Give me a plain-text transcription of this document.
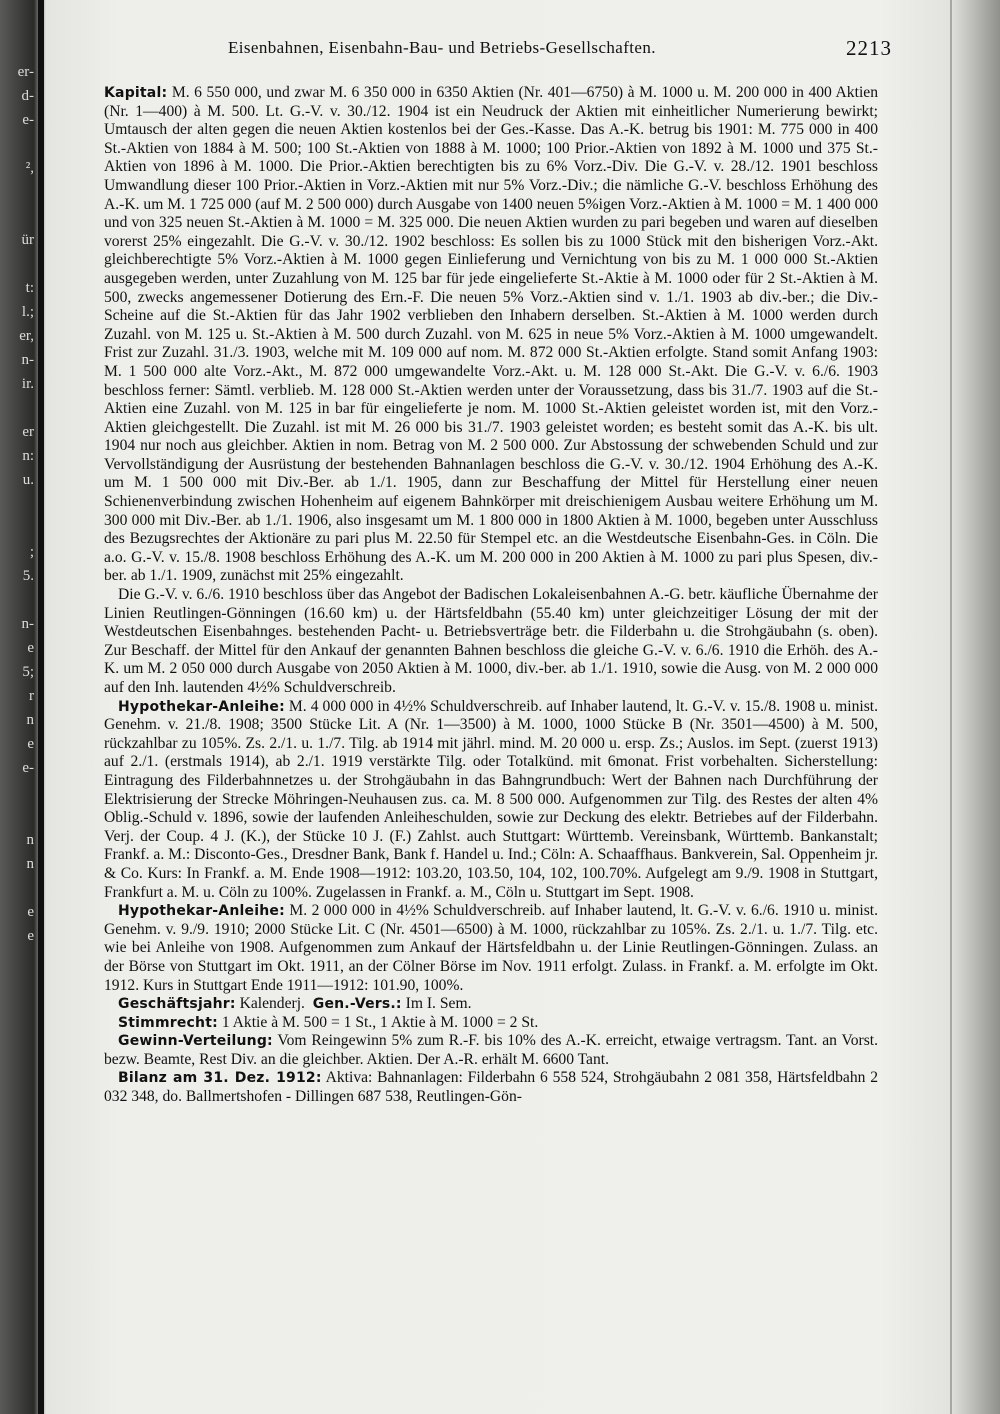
er-
d-
e-
²,
ür
t:
l.;
er,
n-
ir.
er
n:
u.
;
5.
n-
e
5;
r
n
e
e-
n
n
e
e
Eisenbahnen, Eisenbahn-Bau- und Betriebs-Gesellschaften.	2213

Kapital: M. 6 550 000, und zwar M. 6 350 000 in 6350 Aktien (Nr. 401—6750) à M. 1000 u. M. 200 000 in 400 Aktien (Nr. 1—400) à M. 500. Lt. G.-V. v. 30./12. 1904 ist ein Neudruck der Aktien mit einheitlicher Numerierung bewirkt; Umtausch der alten gegen die neuen Aktien kostenlos bei der Ges.-Kasse. Das A.-K. betrug bis 1901: M. 775 000 in 400 St.-Aktien von 1884 à M. 500; 100 St.-Aktien von 1888 à M. 1000; 100 Prior.-Aktien von 1892 à M. 1000 und 375 St.-Aktien von 1896 à M. 1000. Die Prior.-Aktien berechtigten bis zu 6% Vorz.-Div. Die G.-V. v. 28./12. 1901 beschloss Umwandlung dieser 100 Prior.-Aktien in Vorz.-Aktien mit nur 5% Vorz.-Div.; die nämliche G.-V. beschloss Erhöhung des A.-K. um M. 1 725 000 (auf M. 2 500 000) durch Ausgabe von 1400 neuen 5%igen Vorz.-Aktien à M. 1000 = M. 1 400 000 und von 325 neuen St.-Aktien à M. 1000 = M. 325 000. Die neuen Aktien wurden zu pari begeben und waren auf dieselben vorerst 25% eingezahlt. Die G.-V. v. 30./12. 1902 beschloss: Es sollen bis zu 1000 Stück mit den bisherigen Vorz.-Akt. gleichberechtigte 5% Vorz.-Aktien à M. 1000 gegen Einlieferung und Vernichtung von bis zu M. 1 000 000 St.-Aktien ausgegeben werden, unter Zuzahlung von M. 125 bar für jede eingelieferte St.-Aktie à M. 1000 oder für 2 St.-Aktien à M. 500, zwecks angemessener Dotierung des Ern.-F. Die neuen 5% Vorz.-Aktien sind v. 1./1. 1903 ab div.-ber.; die Div.-Scheine auf die St.-Aktien für das Jahr 1902 verblieben den Inhabern derselben. St.-Aktien à M. 1000 werden durch Zuzahl. von M. 125 u. St.-Aktien à M. 500 durch Zuzahl. von M. 625 in neue 5% Vorz.-Aktien à M. 1000 umgewandelt. Frist zur Zuzahl. 31./3. 1903, welche mit M. 109 000 auf nom. M. 872 000 St.-Aktien erfolgte. Stand somit Anfang 1903: M. 1 500 000 alte Vorz.-Akt., M. 872 000 umgewandelte Vorz.-Akt. u. M. 128 000 St.-Akt. Die G.-V. v. 6./6. 1903 beschloss ferner: Sämtl. verblieb. M. 128 000 St.-Aktien werden unter der Voraussetzung, dass bis 31./7. 1903 auf die St.-Aktien eine Zuzahl. von M. 125 in bar für eingelieferte je nom. M. 1000 St.-Aktien geleistet worden ist, mit den Vorz.-Aktien gleichgestellt. Die Zuzahl. ist mit M. 26 000 bis 31./7. 1903 geleistet worden; es besteht somit das A.-K. bis ult. 1904 nur noch aus gleichber. Aktien in nom. Betrag von M. 2 500 000. Zur Abstossung der schwebenden Schuld und zur Vervollständigung der Ausrüstung der bestehenden Bahnanlagen beschloss die G.-V. v. 30./12. 1904 Erhöhung des A.-K. um M. 1 500 000 mit Div.-Ber. ab 1./1. 1905, dann zur Beschaffung der Mittel für Herstellung einer neuen Schienenverbindung zwischen Hohenheim auf eigenem Bahnkörper mit dreischienigem Ausbau weitere Erhöhung um M. 300 000 mit Div.-Ber. ab 1./1. 1906, also insgesamt um M. 1 800 000 in 1800 Aktien à M. 1000, begeben unter Ausschluss des Bezugsrechtes der Aktionäre zu pari plus M. 22.50 für Stempel etc. an die Westdeutsche Eisenbahn-Ges. in Cöln. Die a.o. G.-V. v. 15./8. 1908 beschloss Erhöhung des A.-K. um M. 200 000 in 200 Aktien à M. 1000 zu pari plus Spesen, div.-ber. ab 1./1. 1909, zunächst mit 25% eingezahlt.

Die G.-V. v. 6./6. 1910 beschloss über das Angebot der Badischen Lokaleisenbahnen A.-G. betr. käufliche Übernahme der Linien Reutlingen-Gönningen (16.60 km) u. der Härtsfeldbahn (55.40 km) unter gleichzeitiger Lösung der mit der Westdeutschen Eisenbahnges. bestehenden Pacht- u. Betriebsverträge betr. die Filderbahn u. die Strohgäubahn (s. oben). Zur Beschaff. der Mittel für den Ankauf der genannten Bahnen beschloss die gleiche G.-V. v. 6./6. 1910 die Erhöh. des A.-K. um M. 2 050 000 durch Ausgabe von 2050 Aktien à M. 1000, div.-ber. ab 1./1. 1910, sowie die Ausg. von M. 2 000 000 auf den Inh. lautenden 4½% Schuldverschreib.

Hypothekar-Anleihe: M. 4 000 000 in 4½% Schuldverschreib. auf Inhaber lautend, lt. G.-V. v. 15./8. 1908 u. minist. Genehm. v. 21./8. 1908; 3500 Stücke Lit. A (Nr. 1—3500) à M. 1000, 1000 Stücke B (Nr. 3501—4500) à M. 500, rückzahlbar zu 105%. Zs. 2./1. u. 1./7. Tilg. ab 1914 mit jährl. mind. M. 20 000 u. ersp. Zs.; Auslos. im Sept. (zuerst 1913) auf 2./1. (erstmals 1914), ab 2./1. 1919 verstärkte Tilg. oder Totalkünd. mit 6monat. Frist vorbehalten. Sicherstellung: Eintragung des Filderbahnnetzes u. der Strohgäubahn in das Bahngrundbuch: Wert der Bahnen nach Durchführung der Elektrisierung der Strecke Möhringen-Neuhausen zus. ca. M. 8 500 000. Aufgenommen zur Tilg. des Restes der alten 4% Oblig.-Schuld v. 1896, sowie der laufenden Anleiheschulden, sowie zur Deckung des elektr. Betriebes auf der Filderbahn. Verj. der Coup. 4 J. (K.), der Stücke 10 J. (F.) Zahlst. auch Stuttgart: Württemb. Vereinsbank, Württemb. Bankanstalt; Frankf. a. M.: Disconto-Ges., Dresdner Bank, Bank f. Handel u. Ind.; Cöln: A. Schaaffhaus. Bankverein, Sal. Oppenheim jr. & Co. Kurs: In Frankf. a. M. Ende 1908—1912: 103.20, 103.50, 104, 102, 100.70%. Aufgelegt am 9./9. 1908 in Stuttgart, Frankfurt a. M. u. Cöln zu 100%. Zugelassen in Frankf. a. M., Cöln u. Stuttgart im Sept. 1908.

Hypothekar-Anleihe: M. 2 000 000 in 4½% Schuldverschreib. auf Inhaber lautend, lt. G.-V. v. 6./6. 1910 u. minist. Genehm. v. 9./9. 1910; 2000 Stücke Lit. C (Nr. 4501—6500) à M. 1000, rückzahlbar zu 105%. Zs. 2./1. u. 1./7. Tilg. etc. wie bei Anleihe von 1908. Aufgenommen zum Ankauf der Härtsfeldbahn u. der Linie Reutlingen-Gönningen. Zulass. an der Börse von Stuttgart im Okt. 1911, an der Cölner Börse im Nov. 1911 erfolgt. Zulass. in Frankf. a. M. erfolgte im Okt. 1912. Kurs in Stuttgart Ende 1911—1912: 101.90, 100%.

Geschäftsjahr: Kalenderj. Gen.-Vers.: Im I. Sem.

Stimmrecht: 1 Aktie à M. 500 = 1 St., 1 Aktie à M. 1000 = 2 St.

Gewinn-Verteilung: Vom Reingewinn 5% zum R.-F. bis 10% des A.-K. erreicht, etwaige vertragsm. Tant. an Vorst. bezw. Beamte, Rest Div. an die gleichber. Aktien. Der A.-R. erhält M. 6600 Tant.

Bilanz am 31. Dez. 1912: Aktiva: Bahnanlagen: Filderbahn 6 558 524, Strohgäubahn 2 081 358, Härtsfeldbahn 2 032 348, do. Ballmertshofen - Dillingen 687 538, Reutlingen-Gön-
